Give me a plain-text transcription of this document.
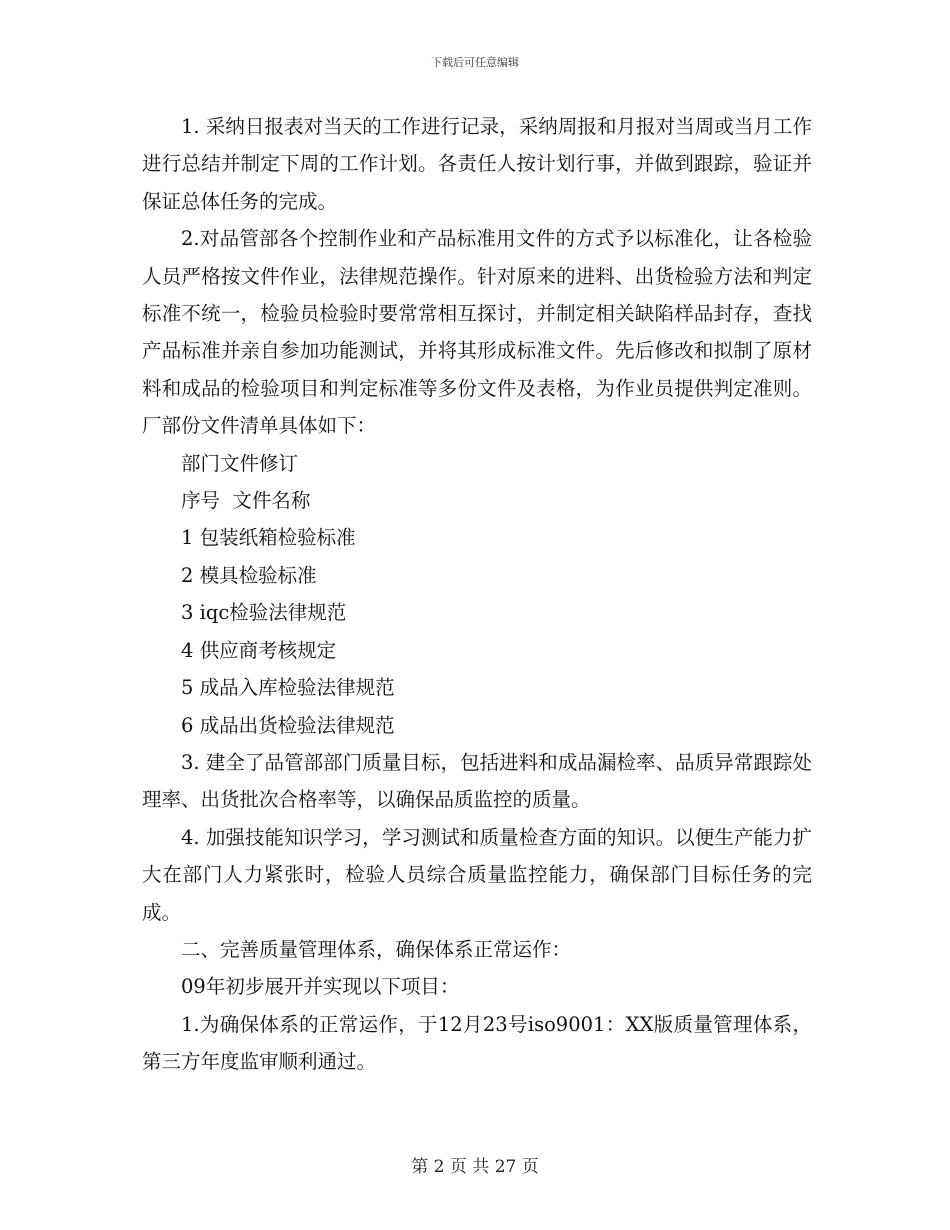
下载后可任意编辑

1. 采纳日报表对当天的工作进行记录，采纳周报和月报对当周或当月工作进行总结并制定下周的工作计划。各责任人按计划行事，并做到跟踪，验证并保证总体任务的完成。

2.对品管部各个控制作业和产品标准用文件的方式予以标准化，让各检验人员严格按文件作业，法律规范操作。针对原来的进料、出货检验方法和判定标准不统一，检验员检验时要常常相互探讨，并制定相关缺陷样品封存，查找产品标准并亲自参加功能测试，并将其形成标准文件。先后修改和拟制了原材料和成品的检验项目和判定标准等多份文件及表格，为作业员提供判定准则。厂部份文件清单具体如下：

部门文件修订

序号  文件名称

1 包装纸箱检验标准

2 模具检验标准

3 iqc检验法律规范

4 供应商考核规定

5 成品入库检验法律规范

6 成品出货检验法律规范

3. 建全了品管部部门质量目标，包括进料和成品漏检率、品质异常跟踪处理率、出货批次合格率等，以确保品质监控的质量。

4. 加强技能知识学习，学习测试和质量检查方面的知识。以便生产能力扩大在部门人力紧张时，检验人员综合质量监控能力，确保部门目标任务的完成。

二、完善质量管理体系，确保体系正常运作：

09年初步展开并实现以下项目：

1.为确保体系的正常运作，于12月23号iso9001：XX版质量管理体系，第三方年度监审顺利通过。

第 2 页 共 27 页
